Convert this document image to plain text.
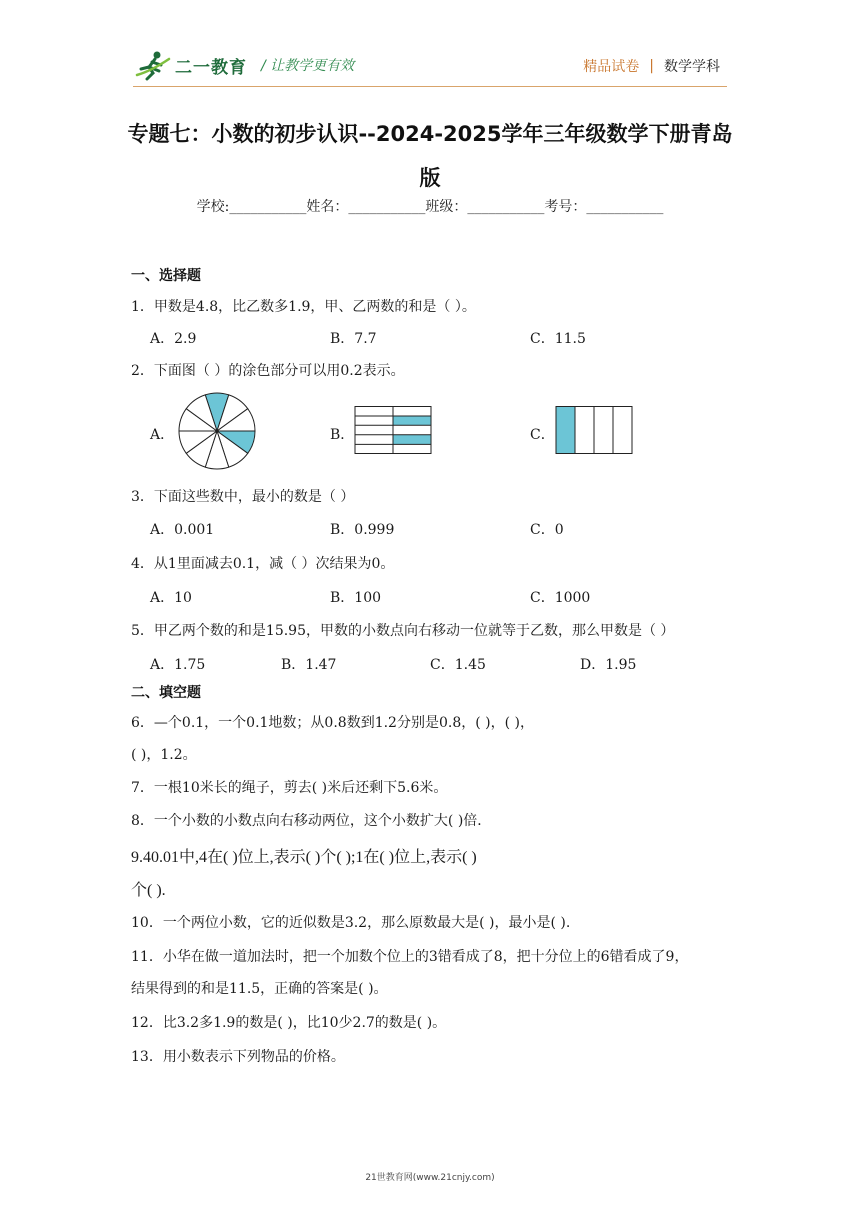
二一教育 / 让教学更有效	精品试卷 | 数学学科
专题七：小数的初步认识--2024-2025学年三年级数学下册青岛
版
学校:___________姓名：___________班级：___________考号：___________
一、选择题
1．甲数是4.8，比乙数多1.9，甲、乙两数的和是（ ）。
A．2.9	B．7.7	C．11.5
2．下面图（ ）的涂色部分可以用0.2表示。
A．	B．	C．
3．下面这些数中，最小的数是（ ）
A．0.001	B．0.999	C．0
4．从1里面减去0.1，减（ ）次结果为0。
A．10	B．100	C．1000
5．甲乙两个数的和是15.95，甲数的小数点向右移动一位就等于乙数，那么甲数是（ ）
A．1.75	B．1.47	C．1.45	D．1.95
二、填空题
6．—个0.1，一个0.1地数；从0.8数到1.2分别是0.8，( )，( )，
( )，1.2。
7．一根10米长的绳子，剪去( )米后还剩下5.6米。
8．一个小数的小数点向右移动两位，这个小数扩大( )倍．
9.40.01中,4在( )位上,表示( )个( );1在( )位上,表示( )
个( ).
10．一个两位小数，它的近似数是3.2，那么原数最大是( )，最小是( ).
11．小华在做一道加法时，把一个加数个位上的3错看成了8，把十分位上的6错看成了9，
结果得到的和是11.5，正确的答案是( )。
12．比3.2多1.9的数是( )，比10少2.7的数是( )。
13．用小数表示下列物品的价格。
21世教育网(www.21cnjy.com)
